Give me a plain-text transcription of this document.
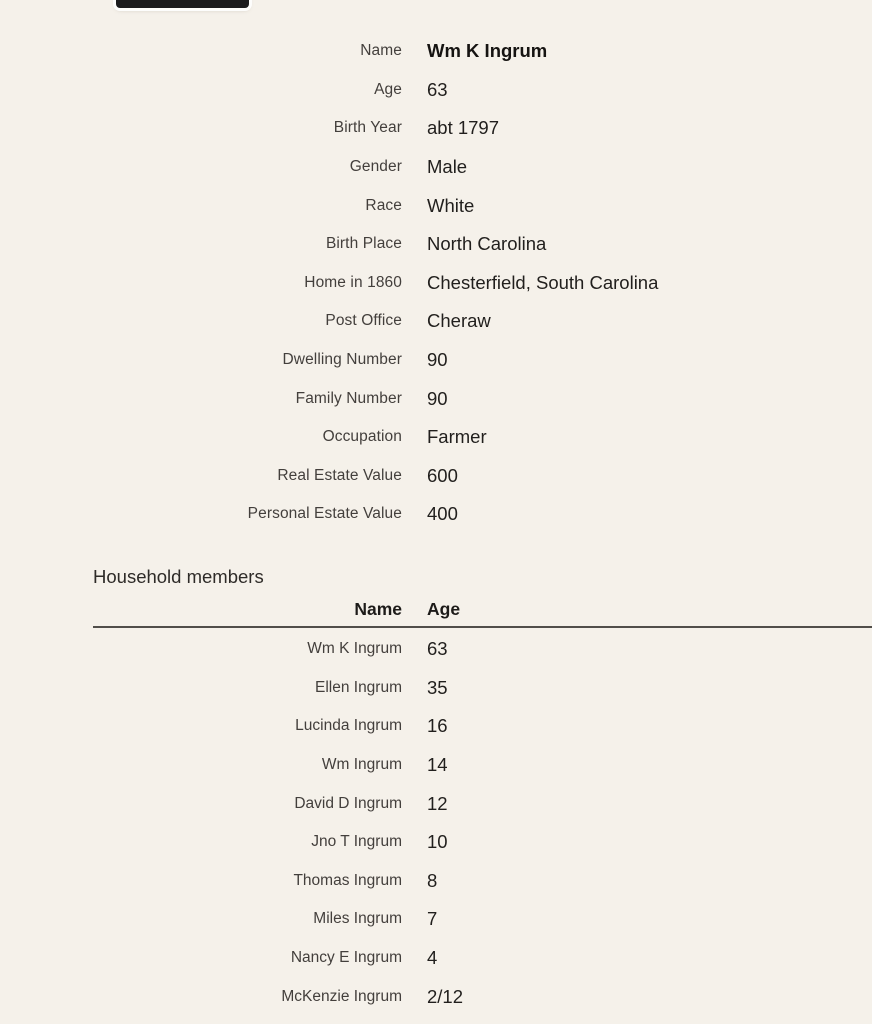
Name Wm K Ingrum
Age 63
Birth Year abt 1797
Gender Male
Race White
Birth Place North Carolina
Home in 1860 Chesterfield, South Carolina
Post Office Cheraw
Dwelling Number 90
Family Number 90
Occupation Farmer
Real Estate Value 600
Personal Estate Value 400
Household members
Name Age
Wm K Ingrum 63
Ellen Ingrum 35
Lucinda Ingrum 16
Wm Ingrum 14
David D Ingrum 12
Jno T Ingrum 10
Thomas Ingrum 8
Miles Ingrum 7
Nancy E Ingrum 4
McKenzie Ingrum 2/12
